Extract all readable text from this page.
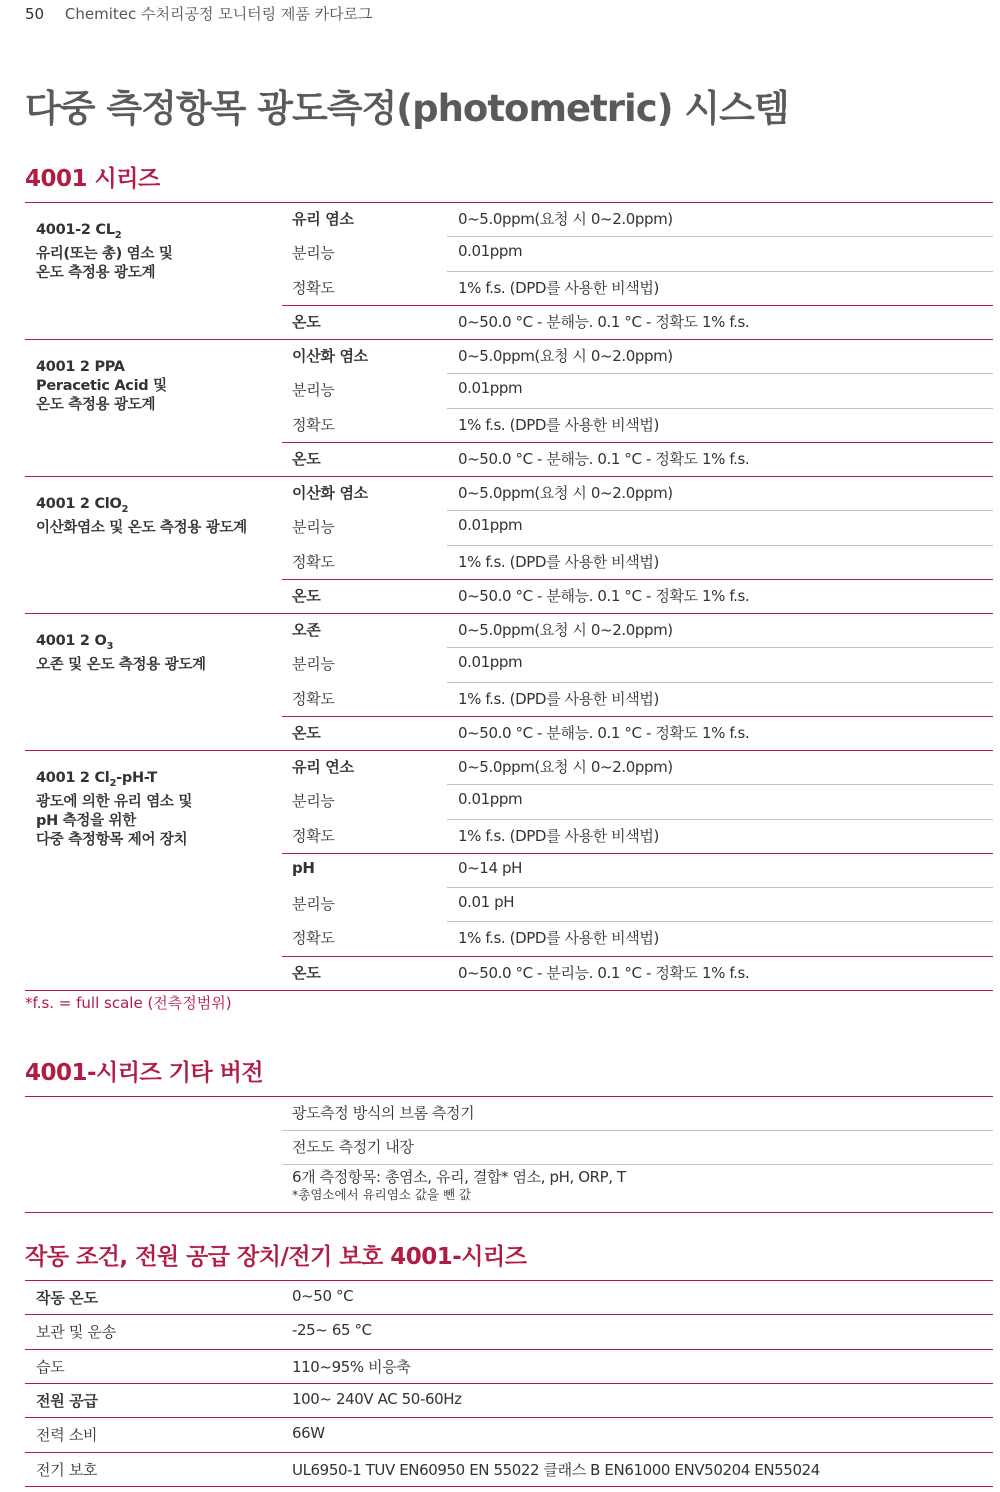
50 Chemitec 수처리공정 모니터링 제품 카다로그
다중 측정항목 광도측정(photometric) 시스템
4001 시리즈
4001-2 $CL_2$
유리(또는 총) 염소 및
온도 측정용 광도계
유리 염소	0~5.0ppm(요청 시 0~2.0ppm)
분리능	0.01ppm
정확도	1% f.s. (DPD를 사용한 비색법)
온도	0~50.0 °C - 분해능. 0.1 °C - 정확도 1% f.s.
4001 2 PPA
Peracetic Acid 및
온도 측정용 광도계
이산화 염소	0~5.0ppm(요청 시 0~2.0ppm)
분리능	0.01ppm
정확도	1% f.s. (DPD를 사용한 비색법)
온도	0~50.0 °C - 분해능. 0.1 °C - 정확도 1% f.s.
4001 2 ClO$_2$
이산화염소 및 온도 측정용 광도계
이산화 염소	0~5.0ppm(요청 시 0~2.0ppm)
분리능	0.01ppm
정확도	1% f.s. (DPD를 사용한 비색법)
온도	0~50.0 °C - 분해능. 0.1 °C - 정확도 1% f.s.
4001 2 $O_3$
오존 및 온도 측정용 광도계
오존	0~5.0ppm(요청 시 0~2.0ppm)
분리능	0.01ppm
정확도	1% f.s. (DPD를 사용한 비색법)
온도	0~50.0 °C - 분해능. 0.1 °C - 정확도 1% f.s.
4001 2 $Cl_2-pH-T$
광도에 의한 유리 염소 및
pH 측정을 위한
다중 측정항목 제어 장치
유리 연소	0~5.0ppm(요청 시 0~2.0ppm)
분리능	0.01ppm
정확도	1% f.s. (DPD를 사용한 비색법)
pH	0~14 pH
분리능	0.01 pH
정확도	1% f.s. (DPD를 사용한 비색법)
온도	0~50.0 °C - 분리능. 0.1 °C - 정확도 1% f.s.
*f.s. = full scale (전측정범위)
4001-시리즈 기타 버전
광도측정 방식의 브롬 측정기
전도도 측정기 내장
6개 측정항목: 총염소, 유리, 결합* 염소, pH, ORP, T
*총염소에서 유리염소 값을 뺀 값
작동 조건, 전원 공급 장치/전기 보호 4001-시리즈
작동 온도	0~50 °C
보관 및 운송	-25~ 65 °C
습도	110~95% 비응축
전원 공급	100~ 240V AC 50-60Hz
전력 소비	66W
전기 보호	UL6950-1 TUV EN60950 EN 55022 클래스 B EN61000 ENV50204 EN55024
